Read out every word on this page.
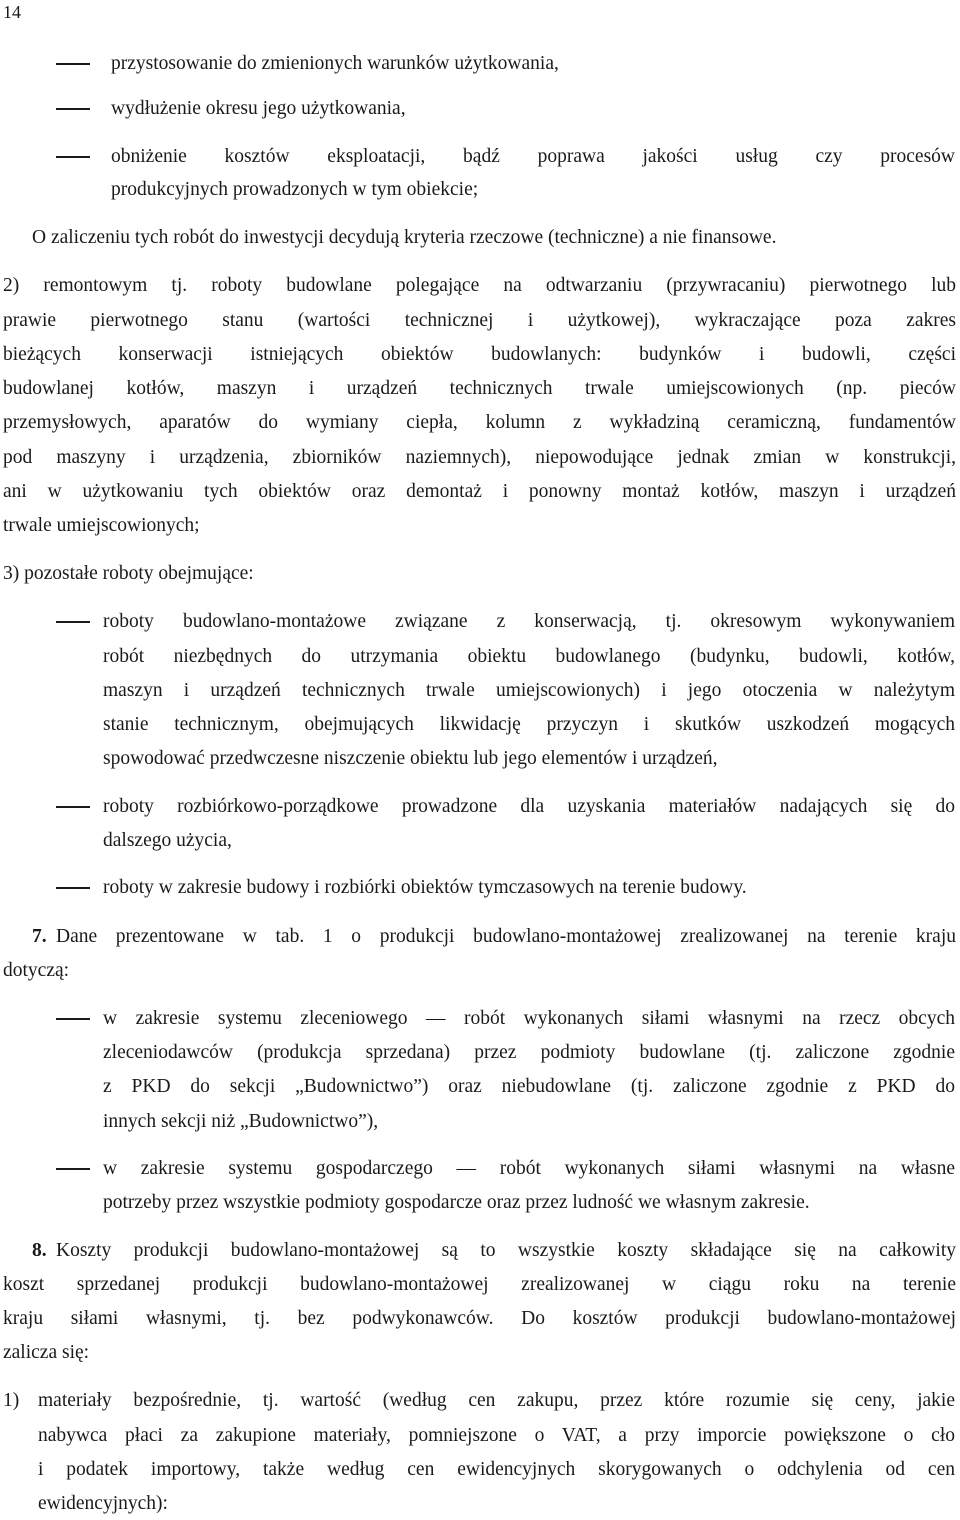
14
przystosowanie do zmienionych warunków użytkowania,
wydłużenie okresu jego użytkowania,
obniżenie kosztów eksploatacji, bądź poprawa jakości usług czy procesów
produkcyjnych prowadzonych w tym obiekcie;
O zaliczeniu tych robót do inwestycji decydują kryteria rzeczowe (techniczne) a nie finansowe.
2) remontowym tj. roboty budowlane polegające na odtwarzaniu (przywracaniu) pierwotnego lub
prawie pierwotnego stanu (wartości technicznej i użytkowej), wykraczające poza zakres
bieżących konserwacji istniejących obiektów budowlanych: budynków i budowli, części
budowlanej kotłów, maszyn i urządzeń technicznych trwale umiejscowionych (np. pieców
przemysłowych, aparatów do wymiany ciepła, kolumn z wykładziną ceramiczną, fundamentów
pod maszyny i urządzenia, zbiorników naziemnych), niepowodujące jednak zmian w konstrukcji,
ani w użytkowaniu tych obiektów oraz demontaż i ponowny montaż kotłów, maszyn i urządzeń
trwale umiejscowionych;
3) pozostałe roboty obejmujące:
roboty budowlano-montażowe związane z konserwacją, tj. okresowym wykonywaniem
robót niezbędnych do utrzymania obiektu budowlanego (budynku, budowli, kotłów,
maszyn i urządzeń technicznych trwale umiejscowionych) i jego otoczenia w należytym
stanie technicznym, obejmujących likwidację przyczyn i skutków uszkodzeń mogących
spowodować przedwczesne niszczenie obiektu lub jego elementów i urządzeń,
roboty rozbiórkowo-porządkowe prowadzone dla uzyskania materiałów nadających się do
dalszego użycia,
roboty w zakresie budowy i rozbiórki obiektów tymczasowych na terenie budowy.
7. Dane prezentowane w tab. 1 o produkcji budowlano-montażowej zrealizowanej na terenie kraju
dotyczą:
w zakresie systemu zleceniowego — robót wykonanych siłami własnymi na rzecz obcych
zleceniodawców (produkcja sprzedana) przez podmioty budowlane (tj. zaliczone zgodnie
z PKD do sekcji „Budownictwo”) oraz niebudowlane (tj. zaliczone zgodnie z PKD do
innych sekcji niż „Budownictwo”),
w zakresie systemu gospodarczego — robót wykonanych siłami własnymi na własne
potrzeby przez wszystkie podmioty gospodarcze oraz przez ludność we własnym zakresie.
8. Koszty produkcji budowlano-montażowej są to wszystkie koszty składające się na całkowity
koszt sprzedanej produkcji budowlano-montażowej zrealizowanej w ciągu roku na terenie
kraju siłami własnymi, tj. bez podwykonawców. Do kosztów produkcji budowlano-montażowej
zalicza się:
1) materiały bezpośrednie, tj. wartość (według cen zakupu, przez które rozumie się ceny, jakie
nabywca płaci za zakupione materiały, pomniejszone o VAT, a przy imporcie powiększone o cło
i podatek importowy, także według cen ewidencyjnych skorygowanych o odchylenia od cen
ewidencyjnych):
